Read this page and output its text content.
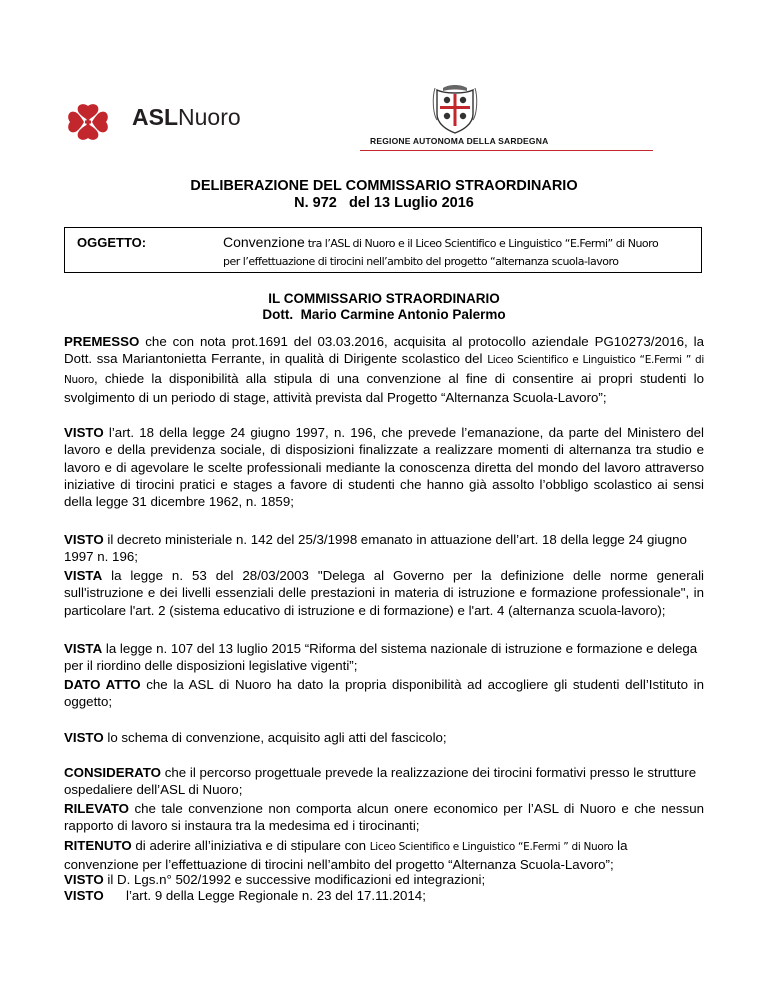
ASLNuoro
REGIONE AUTONOMA DELLA SARDEGNA
DELIBERAZIONE DEL COMMISSARIO STRAORDINARIO
N. 972   del 13 Luglio 2016
OGGETTO:	Convenzione tra l’ASL di Nuoro e il Liceo Scientifico e Linguistico “E.Fermi” di Nuoro
per l’effettuazione di tirocini nell’ambito del progetto “alternanza scuola-lavoro
IL COMMISSARIO STRAORDINARIO
Dott.  Mario Carmine Antonio Palermo
PREMESSO che con nota prot.1691 del 03.03.2016, acquisita al protocollo aziendale PG10273/2016, la Dott. ssa Mariantonietta Ferrante, in qualità di Dirigente scolastico del Liceo Scientifico e Linguistico “E.Fermi ” di Nuoro, chiede la disponibilità alla stipula di una convenzione al fine di consentire ai propri studenti lo svolgimento di un periodo di stage, attività prevista dal Progetto “Alternanza Scuola-Lavoro”;
VISTO l’art. 18 della legge 24 giugno 1997, n. 196, che prevede l’emanazione, da parte del Ministero del lavoro e della previdenza sociale, di disposizioni finalizzate a realizzare momenti di alternanza tra studio e lavoro e di agevolare le scelte professionali mediante la conoscenza diretta del mondo del lavoro attraverso iniziative di tirocini pratici e stages a favore di studenti che hanno già assolto l’obbligo scolastico ai sensi della legge 31 dicembre 1962, n. 1859;
VISTO il decreto ministeriale n. 142 del 25/3/1998 emanato in attuazione dell’art. 18 della legge 24 giugno 1997 n. 196;
VISTA la legge n. 53 del 28/03/2003 "Delega al Governo per la definizione delle norme generali sull'istruzione e dei livelli essenziali delle prestazioni in materia di istruzione e formazione professionale", in particolare l'art. 2 (sistema educativo di istruzione e di formazione) e l'art. 4 (alternanza scuola-lavoro);
VISTA la legge n. 107 del 13 luglio 2015 “Riforma del sistema nazionale di istruzione e formazione e delega per il riordino delle disposizioni legislative vigenti”;
DATO ATTO che la ASL di Nuoro ha dato la propria disponibilità ad accogliere gli studenti dell’Istituto in oggetto;
VISTO lo schema di convenzione, acquisito agli atti del fascicolo;
CONSIDERATO che il percorso progettuale prevede la realizzazione dei tirocini formativi presso le strutture ospedaliere dell’ASL di Nuoro;
RILEVATO che tale convenzione non comporta alcun onere economico per l’ASL di Nuoro e che nessun rapporto di lavoro si instaura tra la medesima ed i tirocinanti;
RITENUTO di aderire all’iniziativa e di stipulare con Liceo Scientifico e Linguistico “E.Fermi ” di Nuoro la convenzione per l’effettuazione di tirocini nell’ambito del progetto “Alternanza Scuola-Lavoro”;
VISTO il D. Lgs.n° 502/1992 e successive modificazioni ed integrazioni;
VISTO l’art. 9 della Legge Regionale n. 23 del 17.11.2014;
